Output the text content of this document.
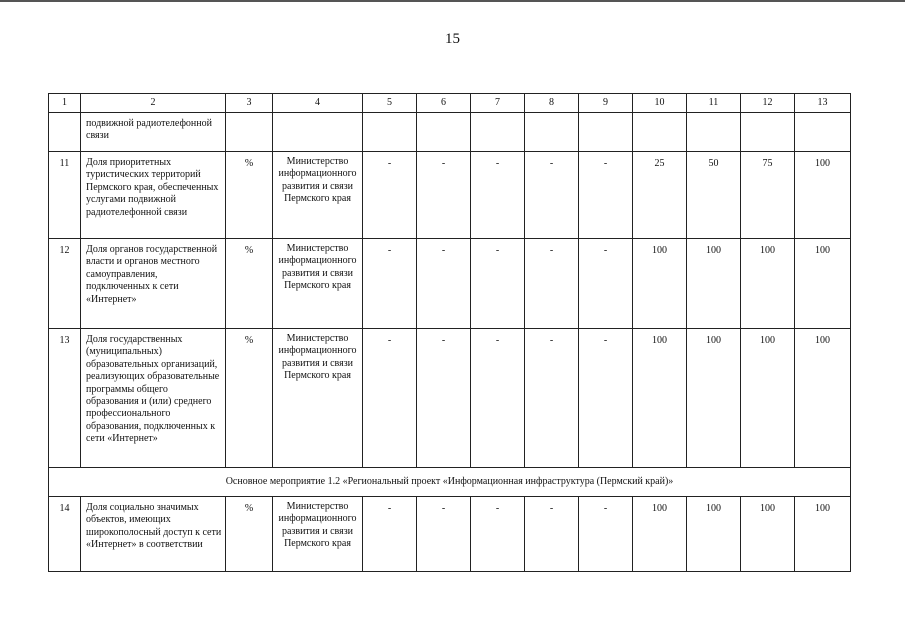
15
1	2	3	4	5	6	7	8	9	10	11	12	13
	подвижной радиотелефонной связи											
11	Доля приоритетных туристических территорий Пермского края, обеспеченных услугами подвижной радиотелефонной связи	%	Министерство информационного развития и связи Пермского края	-	-	-	-	-	25	50	75	100
12	Доля органов государственной власти и органов местного самоуправления, подключенных к сети «Интернет»	%	Министерство информационного развития и связи Пермского края	-	-	-	-	-	100	100	100	100
13	Доля государственных (муниципальных) образовательных организаций, реализующих образовательные программы общего образования и (или) среднего профессионального образования, подключенных к сети «Интернет»	%	Министерство информационного развития и связи Пермского края	-	-	-	-	-	100	100	100	100
Основное мероприятие 1.2 «Региональный проект «Информационная инфраструктура (Пермский край)»												
14	Доля социально значимых объектов, имеющих широкополосный доступ к сети «Интернет» в соответствии	%	Министерство информационного развития и связи Пермского края	-	-	-	-	-	100	100	100	100
